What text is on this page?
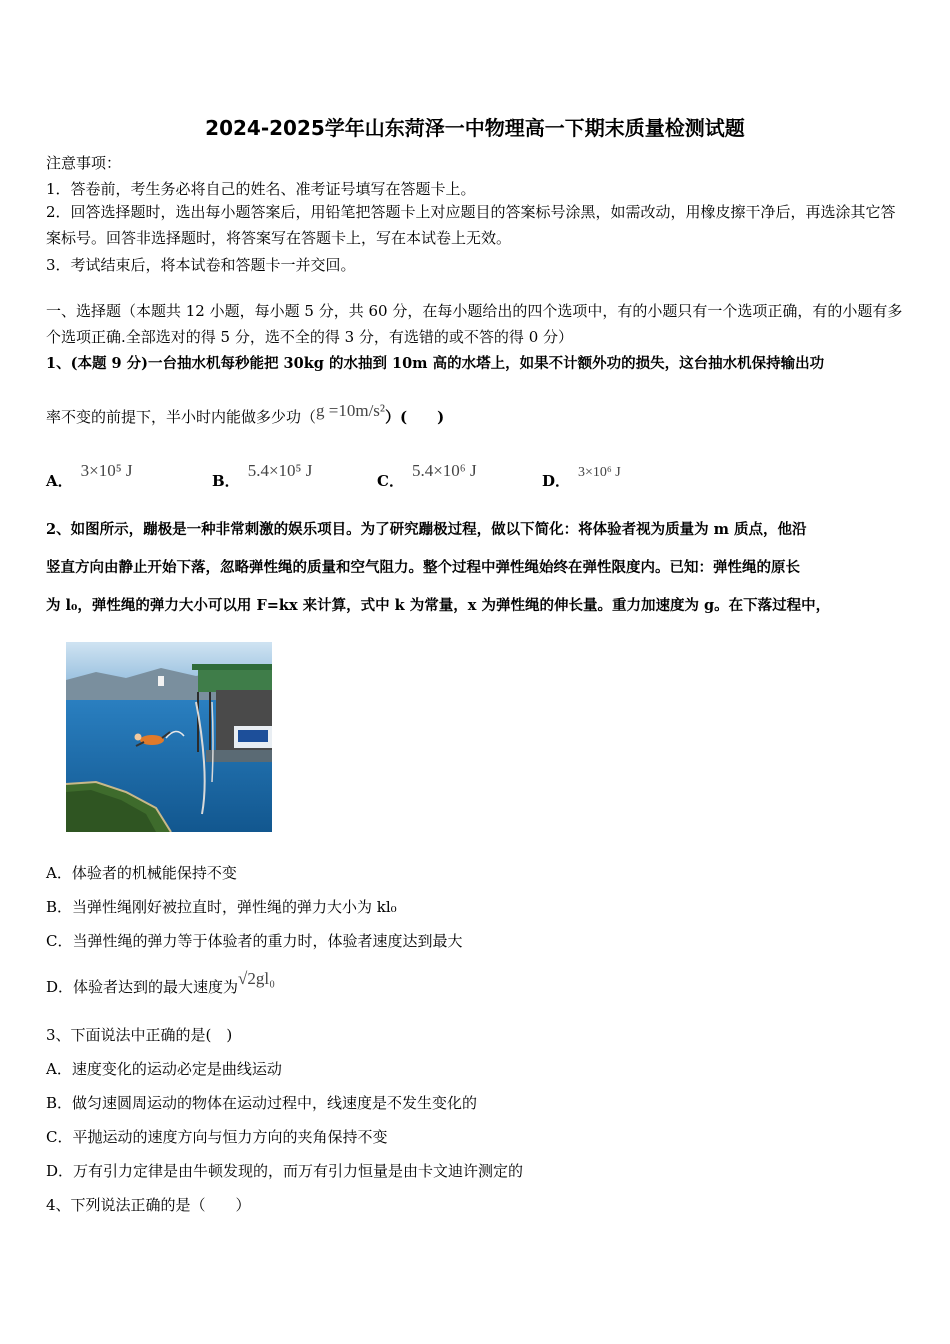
2024-2025学年山东菏泽一中物理高一下期末质量检测试题
注意事项：
1．答卷前，考生务必将自己的姓名、准考证号填写在答题卡上。
2．回答选择题时，选出每小题答案后，用铅笔把答题卡上对应题目的答案标号涂黑，如需改动，用橡皮擦干净后，再选涂其它答案标号。回答非选择题时，将答案写在答题卡上，写在本试卷上无效。
3．考试结束后，将本试卷和答题卡一并交回。
一、选择题（本题共 12 小题，每小题 5 分，共 60 分，在每小题给出的四个选项中，有的小题只有一个选项正确，有的小题有多个选项正确.全部选对的得 5 分，选不全的得 3 分，有选错的或不答的得 0 分）
1、(本题 9 分)一台抽水机每秒能把 30kg 的水抽到 10m 高的水塔上，如果不计额外功的损失，这台抽水机保持输出功
率不变的前提下，半小时内能做多少功（g =10m/s²）(　　)
A．3×10⁵ J
B．5.4×10⁵ J
C．5.4×10⁶ J
D． 3×10⁶ J
2、如图所示，蹦极是一种非常刺激的娱乐项目。为了研究蹦极过程，做以下简化：将体验者视为质量为 m 质点，他沿
竖直方向由静止开始下落，忽略弹性绳的质量和空气阻力。整个过程中弹性绳始终在弹性限度内。已知：弹性绳的原长
为 l₀，弹性绳的弹力大小可以用 F=kx 来计算，式中 k 为常量，x 为弹性绳的伸长量。重力加速度为 g。在下落过程中，
A．体验者的机械能保持不变
B．当弹性绳刚好被拉直时，弹性绳的弹力大小为 kl₀
C．当弹性绳的弹力等于体验者的重力时，体验者速度达到最大
D．体验者达到的最大速度为√2gl₀
3、下面说法中正确的是(　)
A．速度变化的运动必定是曲线运动
B．做匀速圆周运动的物体在运动过程中，线速度是不发生变化的
C．平抛运动的速度方向与恒力方向的夹角保持不变
D．万有引力定律是由牛顿发现的，而万有引力恒量是由卡文迪许测定的
4、下列说法正确的是（　　）
